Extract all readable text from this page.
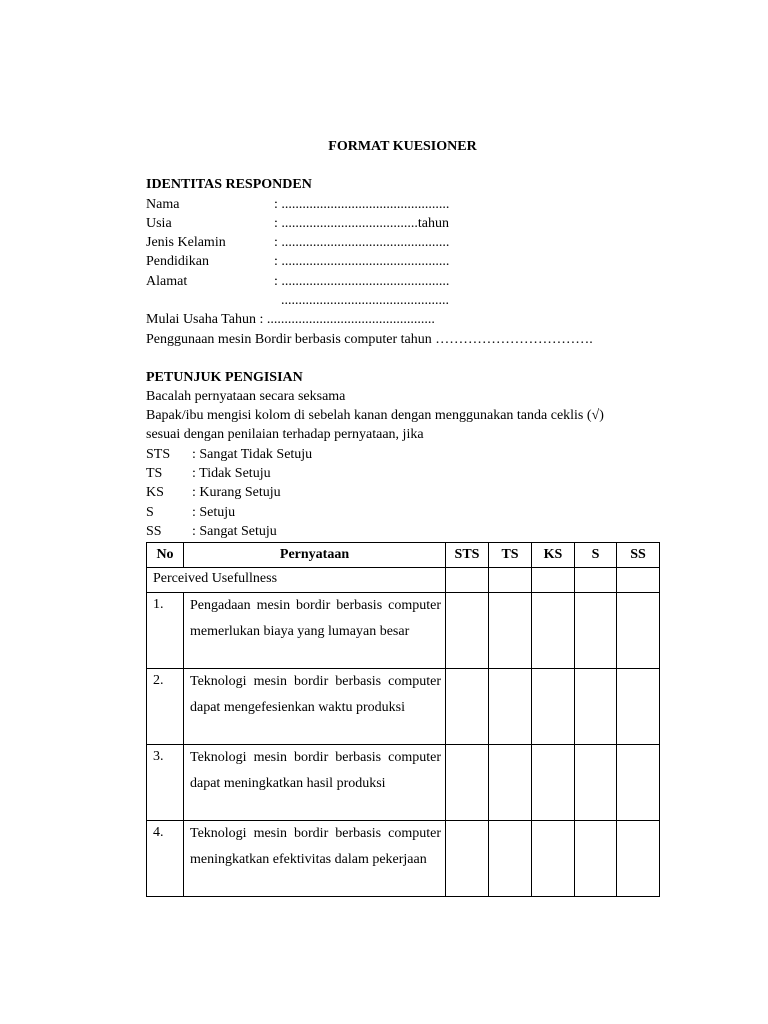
FORMAT KUESIONER
IDENTITAS RESPONDEN
Nama	: ................................................
Usia	: .......................................tahun
Jenis Kelamin	: ................................................
Pendidikan	: ................................................
Alamat	: ................................................
................................................
Mulai Usaha Tahun : ................................................
Penggunaan mesin Bordir berbasis computer tahun …………………………….
PETUNJUK PENGISIAN
Bacalah pernyataan secara seksama
Bapak/ibu mengisi kolom di sebelah kanan dengan menggunakan tanda ceklis (√)
sesuai dengan penilaian terhadap pernyataan, jika
STS : Sangat Tidak Setuju
TS : Tidak Setuju
KS : Kurang Setuju
S	: Setuju
SS : Sangat Setuju
No	Pernyataan	STS	TS	KS	S	SS

Perceived Usefullness						

1.	Pengadaan mesin bordir berbasis computer memerlukan biaya yang lumayan besar					

2.	Teknologi mesin bordir berbasis computer dapat mengefesienkan waktu produksi					

3.	Teknologi mesin bordir berbasis computer dapat meningkatkan hasil produksi					

4.	Teknologi mesin bordir berbasis computer meningkatkan efektivitas dalam pekerjaan					
